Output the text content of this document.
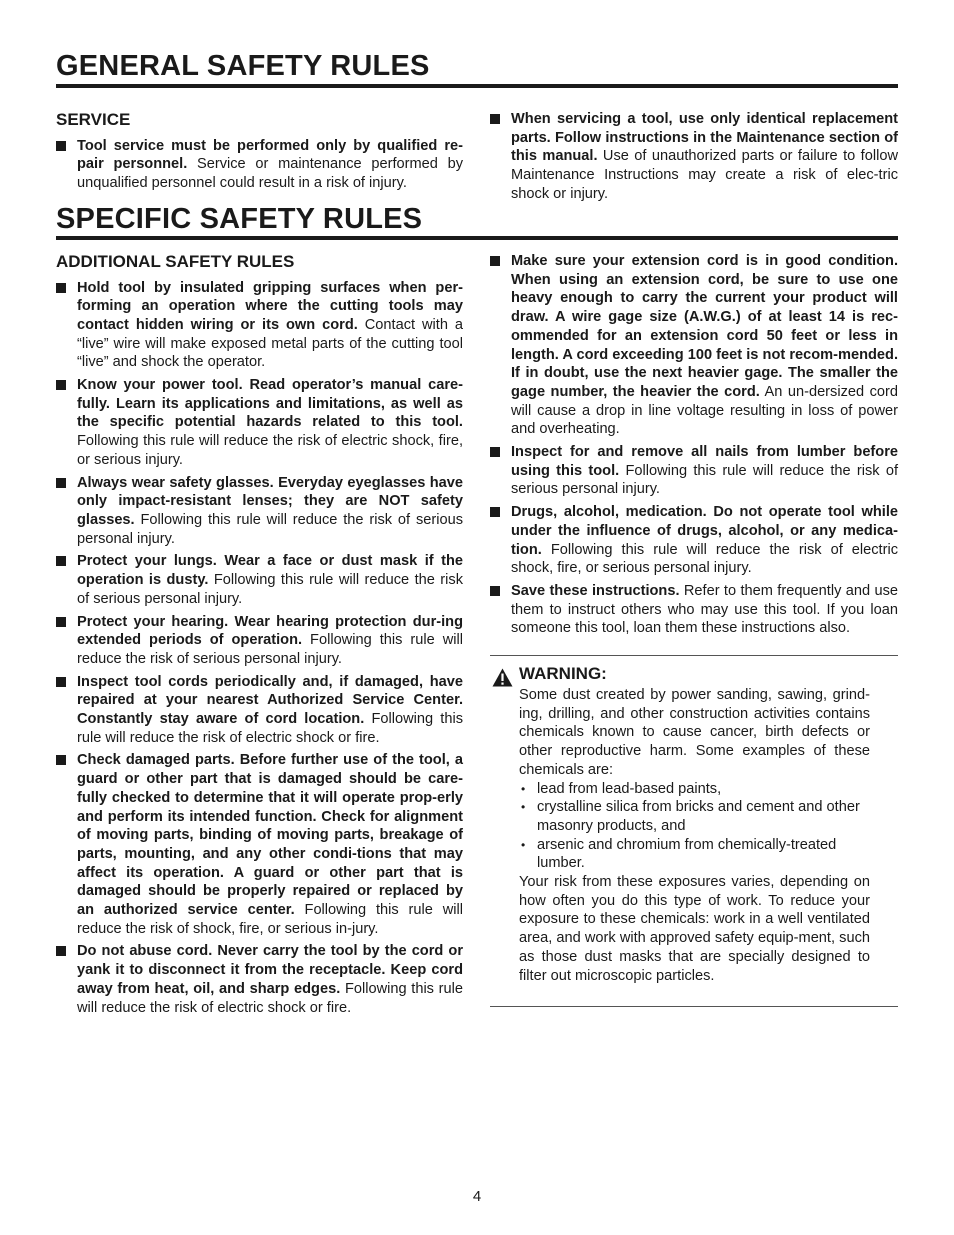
GENERAL SAFETY RULES
SERVICE
Tool service must be performed only by qualified re-pair personnel. Service or maintenance performed by unqualified personnel could result in a risk of injury.
When servicing a tool, use only identical replacement parts. Follow instructions in the Maintenance section of this manual. Use of unauthorized parts or failure to follow Maintenance Instructions may create a risk of elec-tric shock or injury.
SPECIFIC SAFETY RULES
ADDITIONAL SAFETY RULES
Hold tool by insulated gripping surfaces when per-forming an operation where the cutting tools may contact hidden wiring or its own cord. Contact with a “live” wire will make exposed metal parts of the cutting tool “live” and shock the operator.
Know your power tool. Read operator’s manual care-fully. Learn its applications and limitations, as well as the specific potential hazards related to this tool. Following this rule will reduce the risk of electric shock, fire, or serious injury.
Always wear safety glasses. Everyday eyeglasses have only impact-resistant lenses; they are NOT safety glasses. Following this rule will reduce the risk of serious personal injury.
Protect your lungs. Wear a face or dust mask if the operation is dusty. Following this rule will reduce the risk of serious personal injury.
Protect your hearing. Wear hearing protection dur-ing extended periods of operation. Following this rule will reduce the risk of serious personal injury.
Inspect tool cords periodically and, if damaged, have repaired at your nearest Authorized Service Center. Constantly stay aware of cord location. Following this rule will reduce the risk of electric shock or fire.
Check damaged parts. Before further use of the tool, a guard or other part that is damaged should be care-fully checked to determine that it will operate prop-erly and perform its intended function. Check for alignment of moving parts, binding of moving parts, breakage of parts, mounting, and any other condi-tions that may affect its operation. A guard or other part that is damaged should be properly repaired or replaced by an authorized service center. Following this rule will reduce the risk of shock, fire, or serious in-jury.
Do not abuse cord. Never carry the tool by the cord or yank it to disconnect it from the receptacle. Keep cord away from heat, oil, and sharp edges. Following this rule will reduce the risk of electric shock or fire.
Make sure your extension cord is in good condition. When using an extension cord, be sure to use one heavy enough to carry the current your product will draw. A wire gage size (A.W.G.) of at least 14 is rec-ommended for an extension cord 50 feet or less in length. A cord exceeding 100 feet is not recom-mended. If in doubt, use the next heavier gage. The smaller the gage number, the heavier the cord. An un-dersized cord will cause a drop in line voltage resulting in loss of power and overheating.
Inspect for and remove all nails from lumber before using this tool. Following this rule will reduce the risk of serious personal injury.
Drugs, alcohol, medication. Do not operate tool while under the influence of drugs, alcohol, or any medica-tion. Following this rule will reduce the risk of electric shock, fire, or serious personal injury.
Save these instructions. Refer to them frequently and use them to instruct others who may use this tool. If you loan someone this tool, loan them these instructions also.
WARNING:

Some dust created by power sanding, sawing, grind-ing, drilling, and other construction activities contains chemicals known to cause cancer, birth defects or other reproductive harm. Some examples of these chemicals are:

• lead from lead-based paints,
• crystalline silica from bricks and cement and other masonry products, and
• arsenic and chromium from chemically-treated lumber.

Your risk from these exposures varies, depending on how often you do this type of work. To reduce your exposure to these chemicals: work in a well ventilated area, and work with approved safety equip-ment, such as those dust masks that are specially designed to filter out microscopic particles.

4
